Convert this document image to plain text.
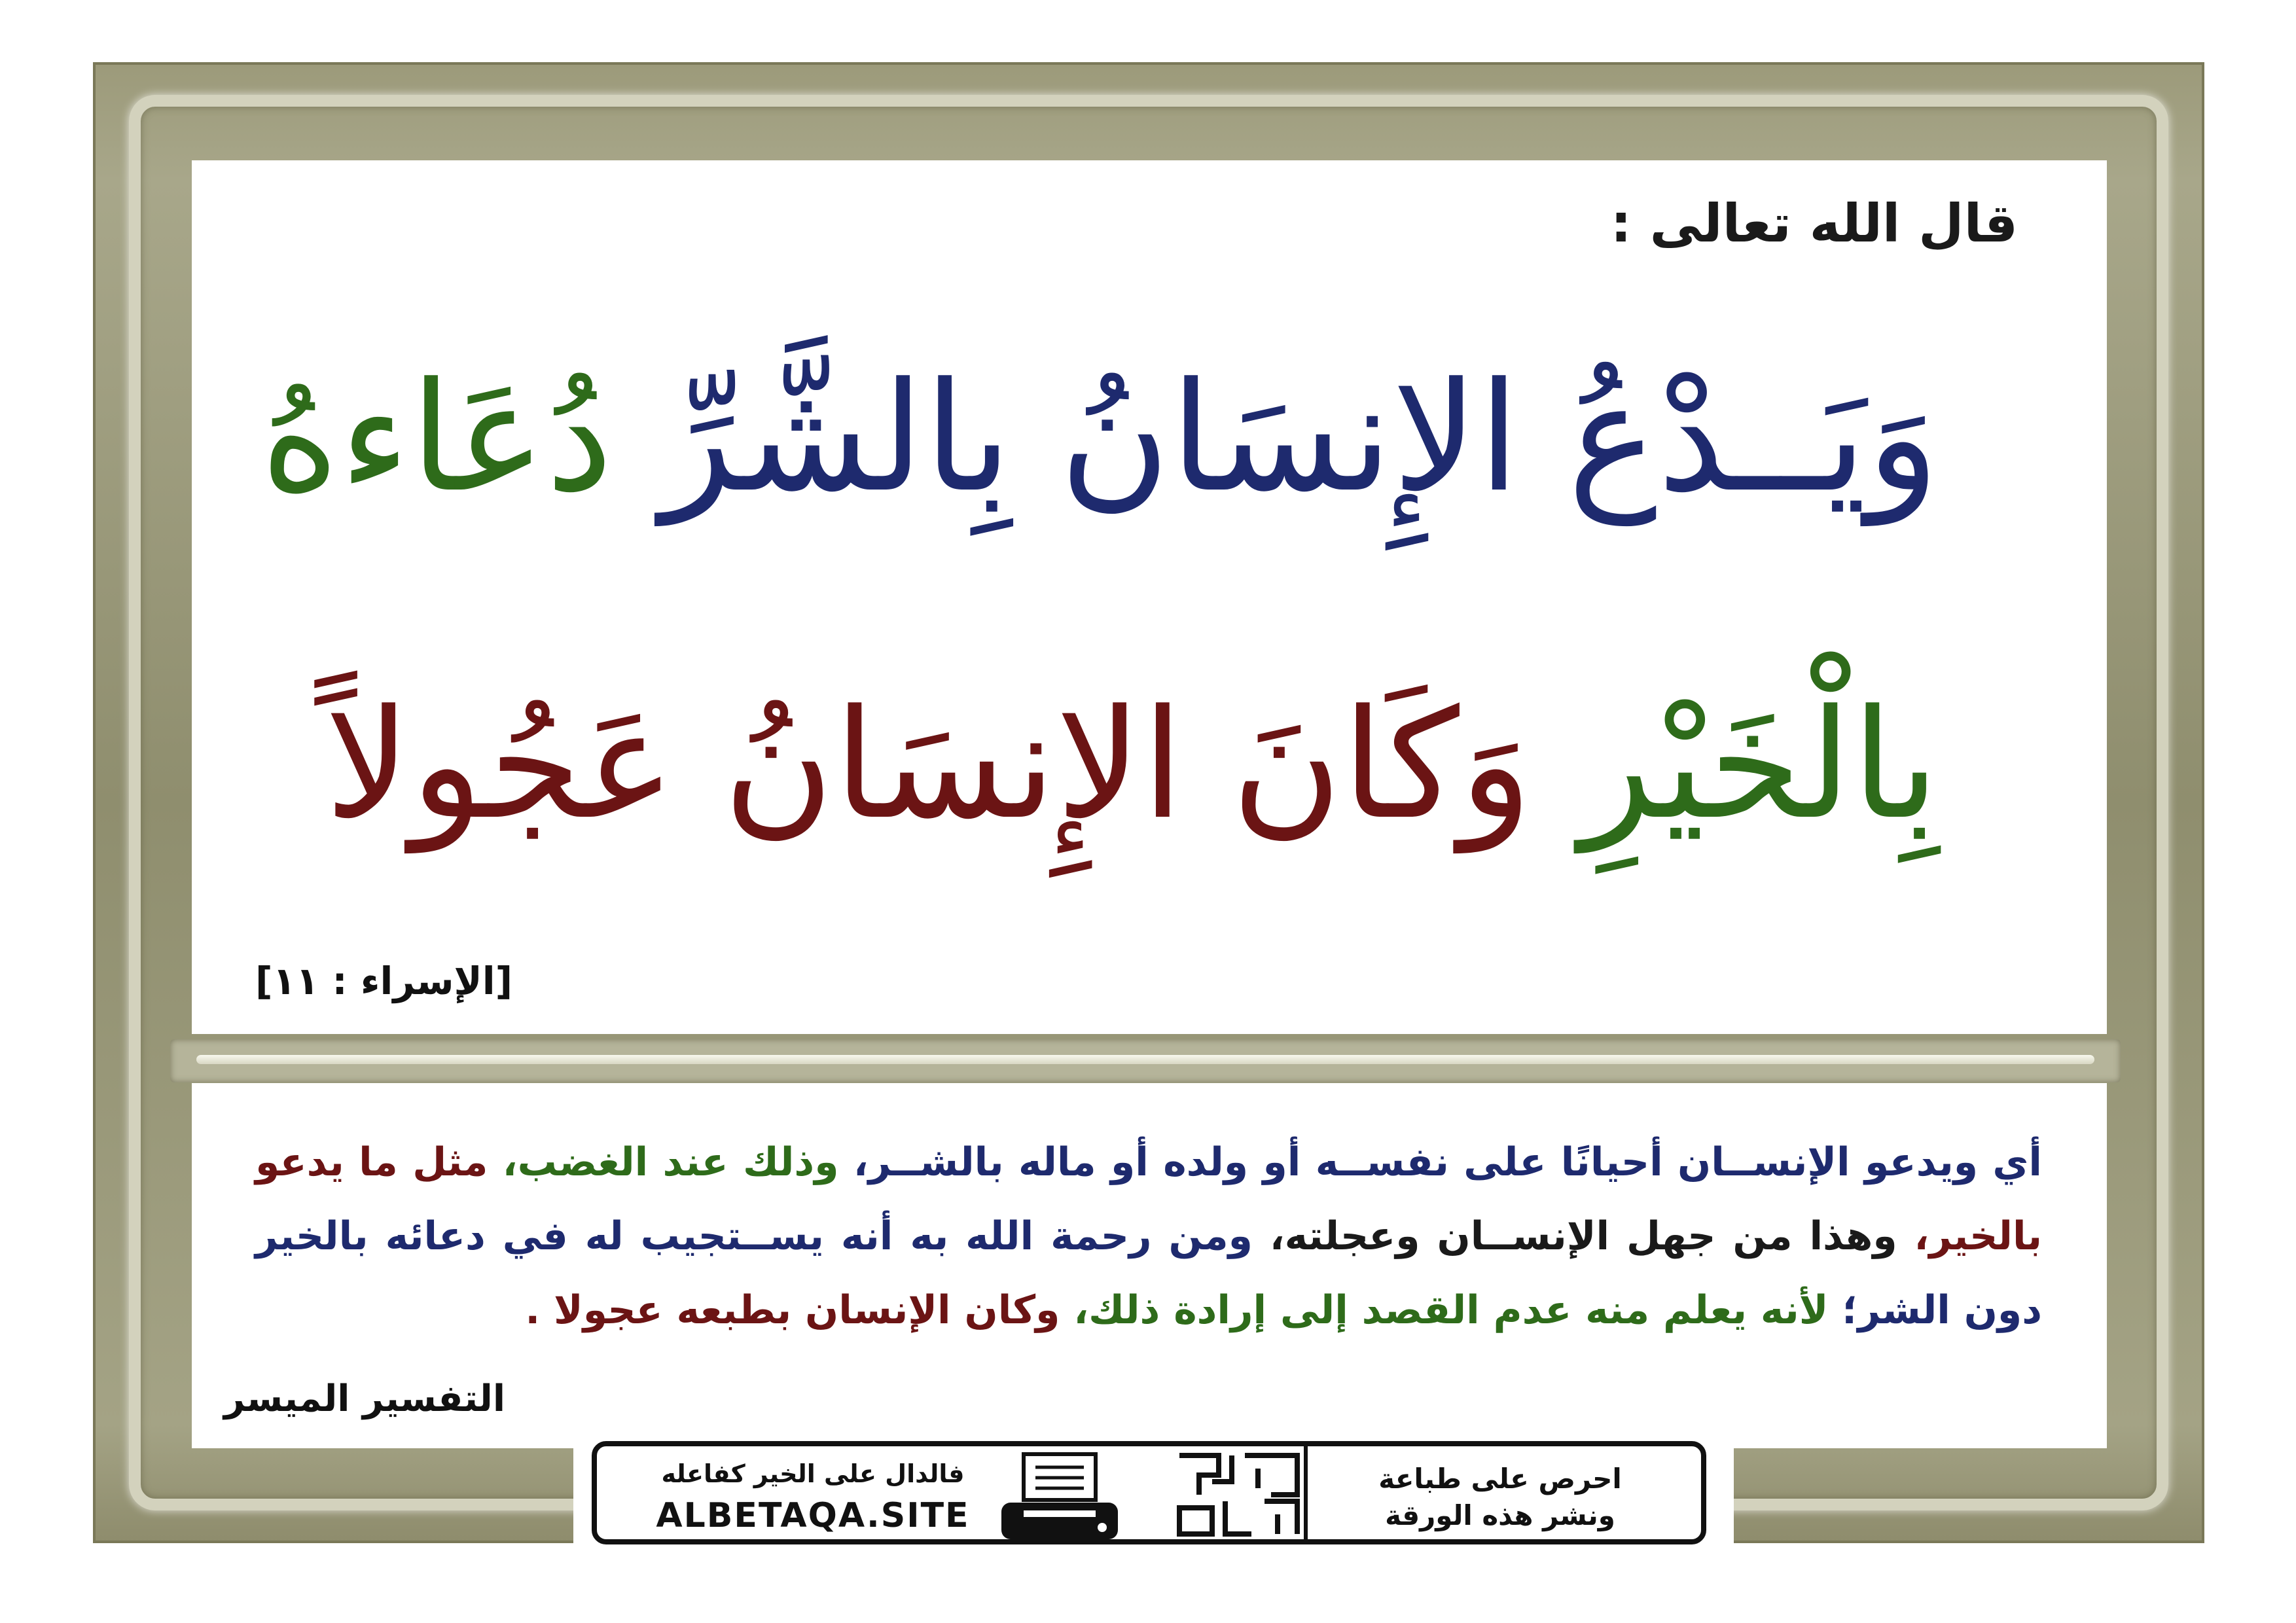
قال الله تعالى :
وَيَــدْعُ الإِنسَانُ بِالشَّرِّ دُعَاءهُ
بِالْخَيْرِ وَكَانَ الإِنسَانُ عَجُولاً
[الإسراء : ١١]
أي ويدعو الإنســان أحيانًا على نفســه أو ولده أو ماله بالشــر، وذلك عند الغضب، مثل ما يدعو بالخير، وهذا من جهل الإنســان وعجلته، ومن رحمة الله به أنه يســتجيب له في دعائه بالخير دون الشر؛ لأنه يعلم منه عدم القصد إلى إرادة ذلك، وكان الإنسان بطبعه عجولا .
التفسير الميسر
فالدال على الخير كفاعله
ALBETAQA.SITE
احرص على طباعة
ونشر هذه الورقة
